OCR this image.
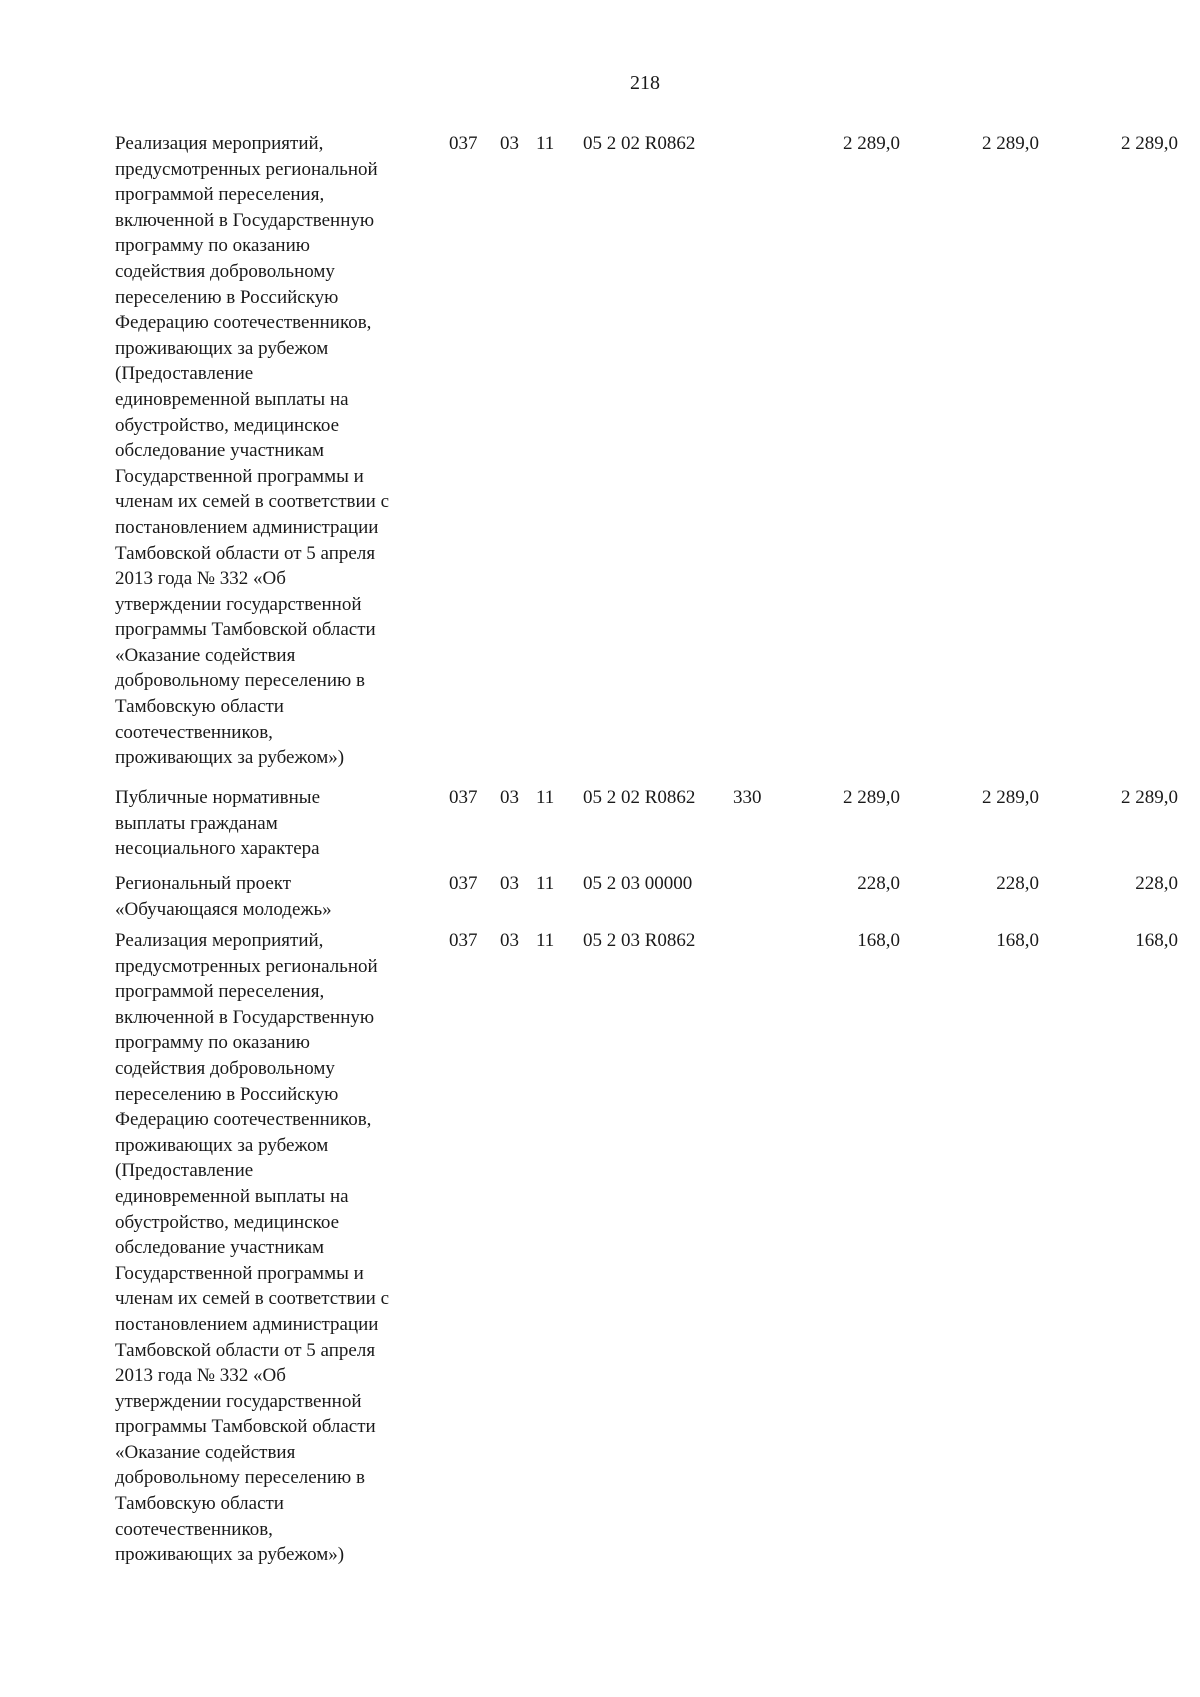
218
Реализация мероприятий,
предусмотренных региональной
программой переселения,
включенной в Государственную
программу по оказанию
содействия добровольному
переселению в Российскую
Федерацию соотечественников,
проживающих за рубежом
(Предоставление
единовременной выплаты на
обустройство, медицинское
обследование участникам
Государственной программы и
членам их семей в соответствии с
постановлением администрации
Тамбовской области от 5 апреля
2013 года № 332 «Об
утверждении государственной
программы Тамбовской области
«Оказание содействия
добровольному переселению в
Тамбовскую области
соотечественников,
проживающих за рубежом»)
037 03 11 05 2 02 R0862	2 289,0	2 289,0	2 289,0
Публичные нормативные
выплаты гражданам
несоциального характера
037 03 11 05 2 02 R0862 330	2 289,0	2 289,0	2 289,0
Региональный проект
«Обучающаяся молодежь»
037 03 11 05 2 03 00000	228,0	228,0	228,0
Реализация мероприятий,
предусмотренных региональной
программой переселения,
включенной в Государственную
программу по оказанию
содействия добровольному
переселению в Российскую
Федерацию соотечественников,
проживающих за рубежом
(Предоставление
единовременной выплаты на
обустройство, медицинское
обследование участникам
Государственной программы и
членам их семей в соответствии с
постановлением администрации
Тамбовской области от 5 апреля
2013 года № 332 «Об
утверждении государственной
программы Тамбовской области
«Оказание содействия
добровольному переселению в
Тамбовскую области
соотечественников,
проживающих за рубежом»)
037 03 11 05 2 03 R0862	168,0	168,0	168,0
